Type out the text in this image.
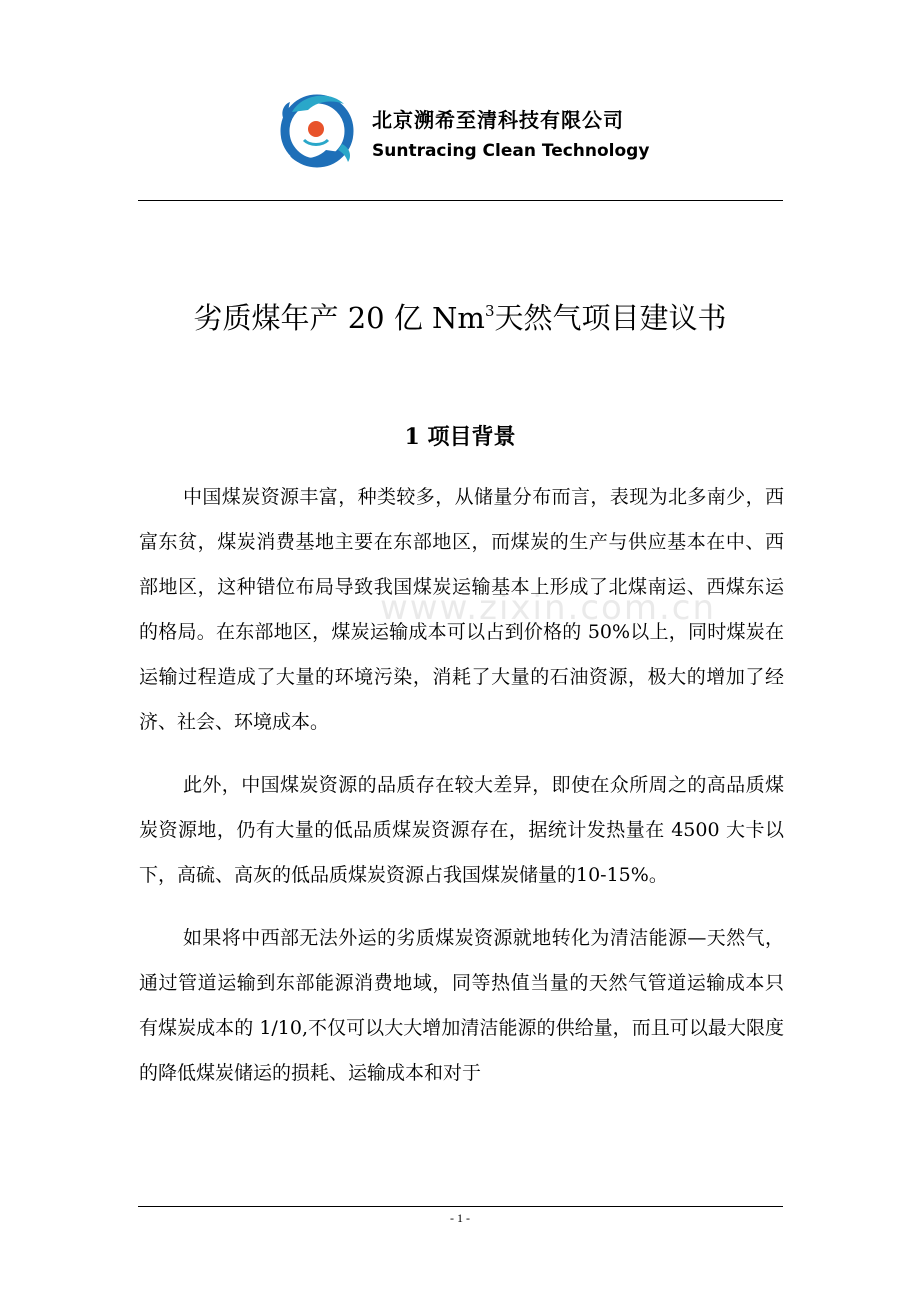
北京溯希至清科技有限公司
Suntracing Clean Technology
劣质煤年产 20 亿 Nm$^3$天然气项目建议书
1 项目背景
www.zixin.com.cn

中国煤炭资源丰富，种类较多，从储量分布而言，表现为北多南少，西富东贫，煤炭消费基地主要在东部地区，而煤炭的生产与供应基本在中、西部地区，这种错位布局导致我国煤炭运输基本上形成了北煤南运、西煤东运的格局。在东部地区，煤炭运输成本可以占到价格的 50%以上，同时煤炭在运输过程造成了大量的环境污染，消耗了大量的石油资源，极大的增加了经济、社会、环境成本。

此外，中国煤炭资源的品质存在较大差异，即使在众所周之的高品质煤炭资源地，仍有大量的低品质煤炭资源存在，据统计发热量在 4500 大卡以下，高硫、高灰的低品质煤炭资源占我国煤炭储量的10-15%。

如果将中西部无法外运的劣质煤炭资源就地转化为清洁能源—天然气，通过管道运输到东部能源消费地域，同等热值当量的天然气管道运输成本只有煤炭成本的 1/10,不仅可以大大增加清洁能源的供给量，而且可以最大限度的降低煤炭储运的损耗、运输成本和对于

- 1 -
